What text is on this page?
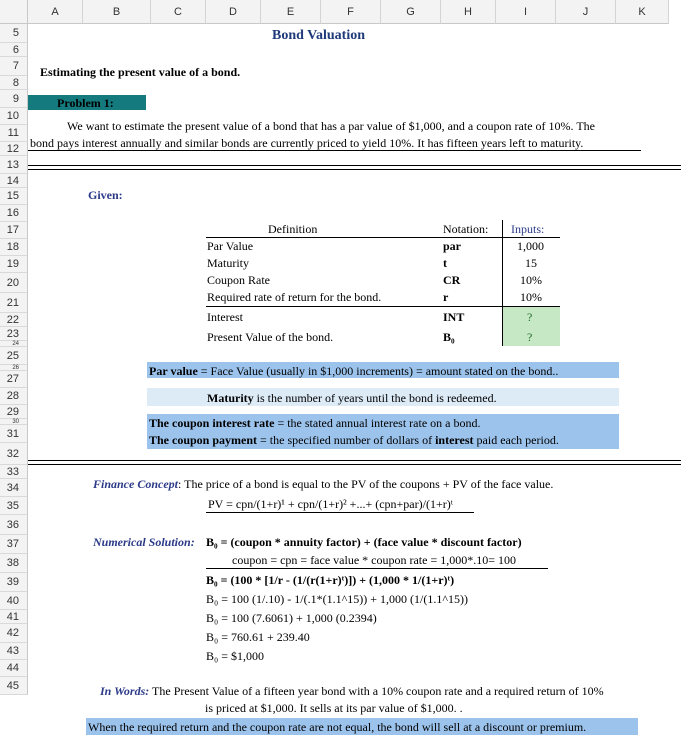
A	B	C	D	E	F	G	H	I	J	K
5
6
7
8
9
10
11
12
13
14
15
16
17
18
19
20
21
22
23
24
25
26
27
28
29
30
31
32
33
34
35
36
37
38
39
40
41
42
43
44
45
Bond Valuation
Estimating the present value of a bond.
Problem 1:
We want to estimate the present value of a bond that has a par value of $1,000, and a coupon rate of 10%. The
bond pays interest annually and similar bonds are currently priced to yield 10%. It has fifteen years left to maturity.
Given:
Definition	Notation: Inputs:
Par Value	par	1,000
Maturity	t	15
Coupon Rate	CR	10%
Required rate of return for the bond.	r	10%
Interest	INT	?
Present Value of the bond.	B₀	?
Par value = Face Value (usually in $1,000 increments) = amount stated on the bond..
Maturity is the number of years until the bond is redeemed.
The coupon interest rate = the stated annual interest rate on a bond.
The coupon payment = the specified number of dollars of interest paid each period.
Finance Concept: The price of a bond is equal to the PV of the coupons + PV of the face value.
PV = cpn/(1+r)¹ + cpn/(1+r)² +...+ (cpn+par)/(1+r)ᵗ
Numerical Solution: B₀ = (coupon * annuity factor) + (face value * discount factor)
coupon = cpn = face value * coupon rate = 1,000*.10= 100
B₀ = (100 * [1/r - (1/(r(1+r)ᵗ)]) + (1,000 * 1/(1+r)ᵗ)
B₀ = 100 (1/.10) - 1/(.1*(1.1^15)) + 1,000 (1/(1.1^15))
B₀ = 100 (7.6061) + 1,000 (0.2394)
B₀ = 760.61 + 239.40
B₀ = $1,000
In Words: The Present Value of a fifteen year bond with a 10% coupon rate and a required return of 10%
is priced at $1,000. It sells at its par value of $1,000. .
When the required return and the coupon rate are not equal, the bond will sell at a discount or premium.
